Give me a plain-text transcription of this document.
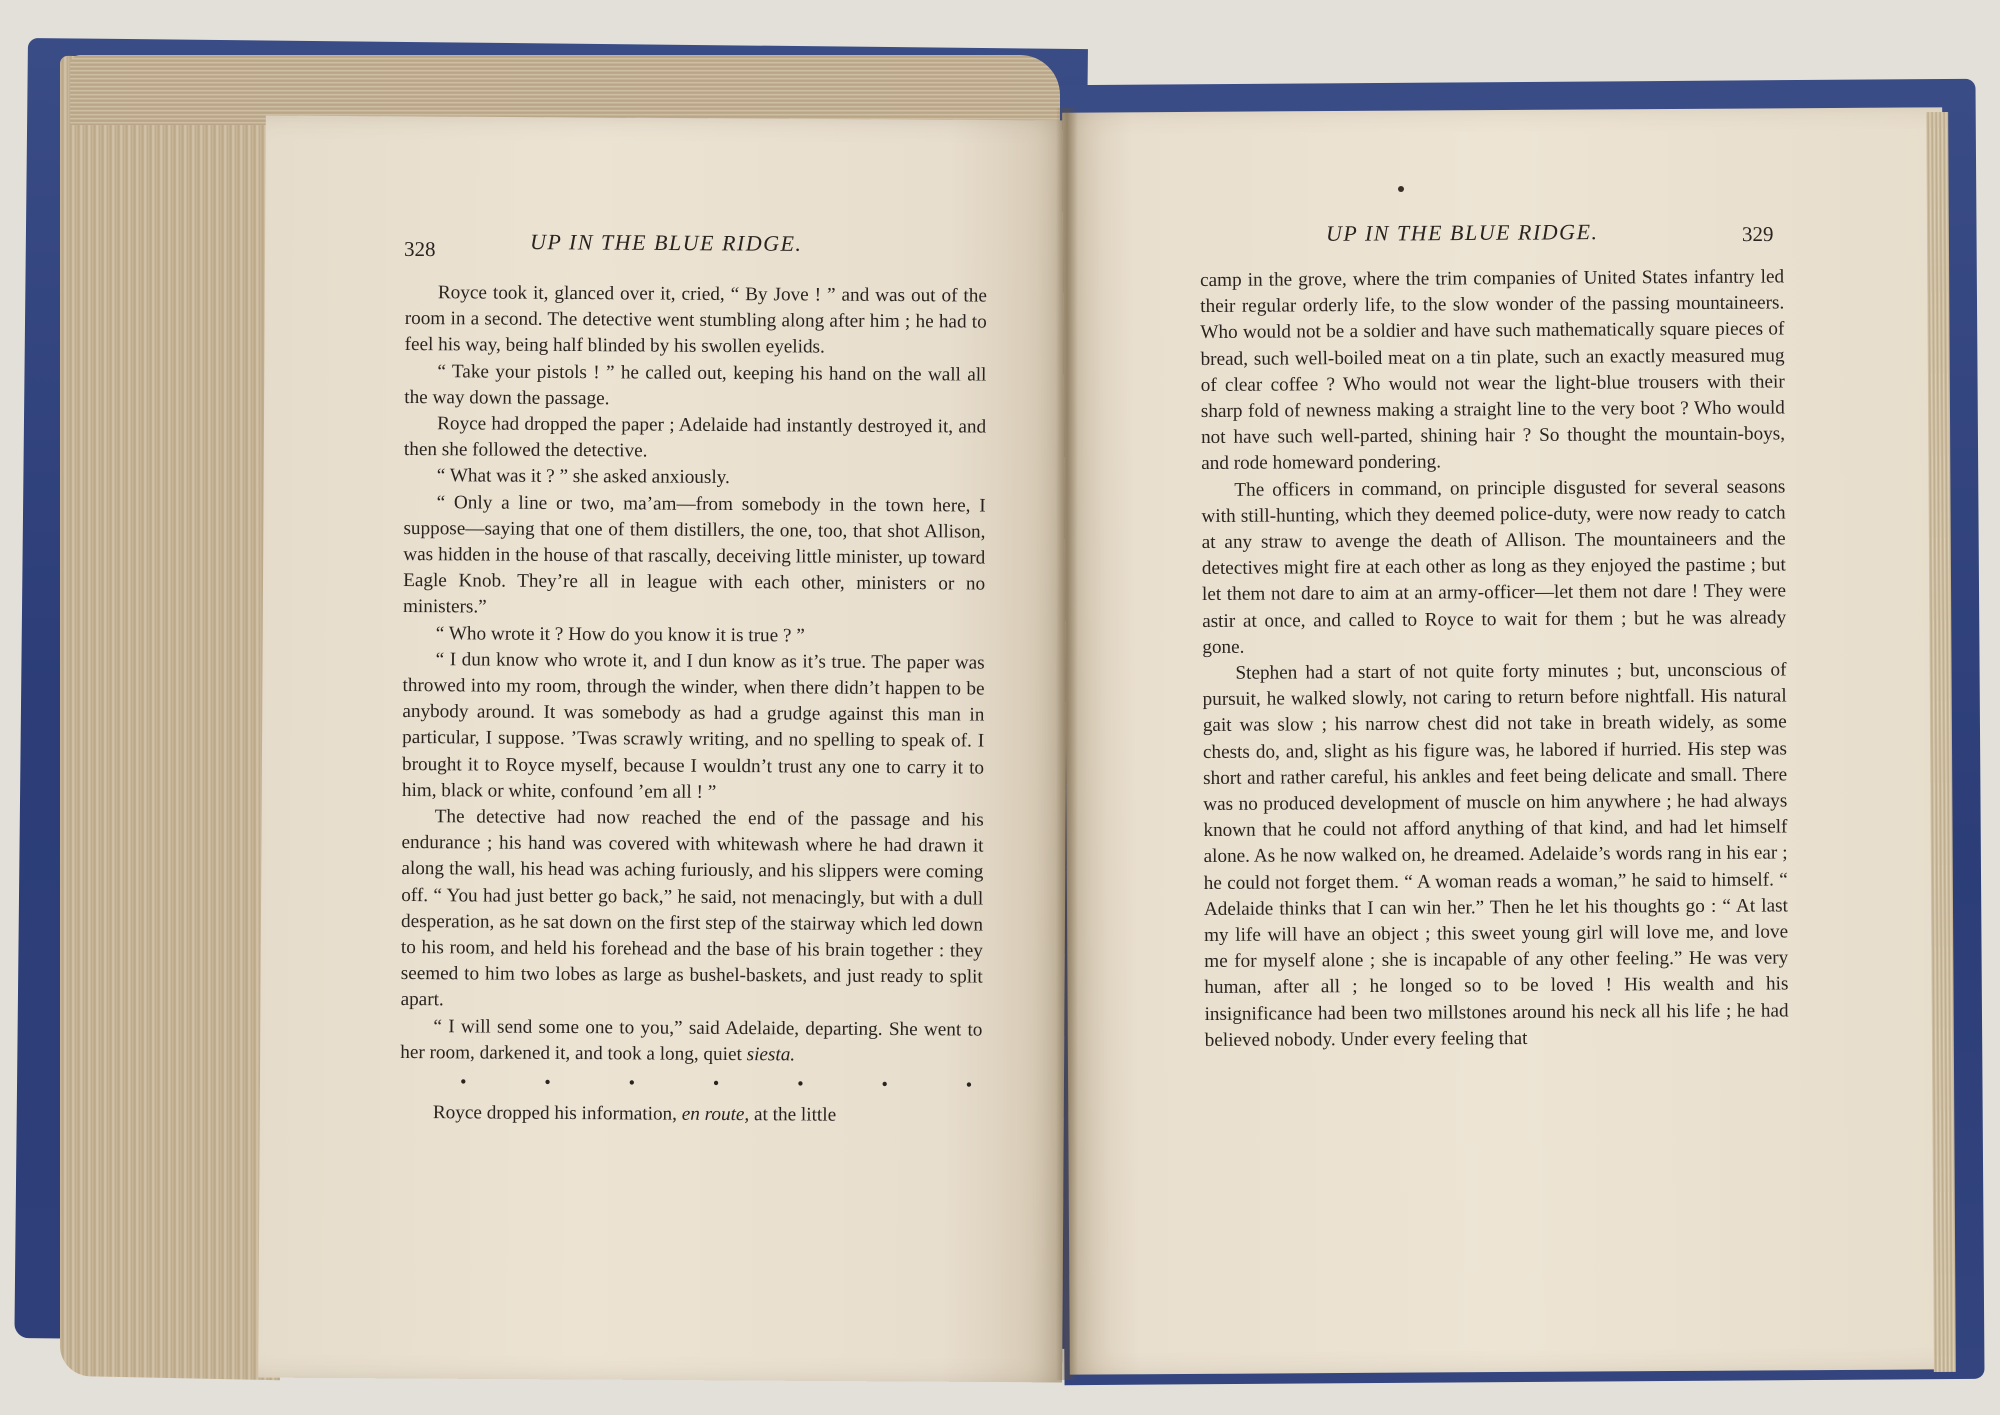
328	UP IN THE BLUE RIDGE.

Royce took it, glanced over it, cried, “ By Jove ! ” and was out of the room in a second. The detective went stumbling along after him ; he had to feel his way, being half blinded by his swollen eyelids.

“ Take your pistols ! ” he called out, keeping his hand on the wall all the way down the passage.

Royce had dropped the paper ; Adelaide had instantly destroyed it, and then she followed the detective.

“ What was it ? ” she asked anxiously.

“ Only a line or two, ma’am—from somebody in the town here, I suppose—saying that one of them distillers, the one, too, that shot Allison, was hidden in the house of that rascally, deceiving little minister, up toward Eagle Knob. They’re all in league with each other, ministers or no ministers.”

“ Who wrote it ? How do you know it is true ? ”

“ I dun know who wrote it, and I dun know as it’s true. The paper was throwed into my room, through the winder, when there didn’t happen to be anybody around. It was somebody as had a grudge against this man in particular, I suppose. ’Twas scrawly writing, and no spelling to speak of. I brought it to Royce myself, because I wouldn’t trust any one to carry it to him, black or white, confound ’em all ! ”

The detective had now reached the end of the passage and his endurance ; his hand was covered with whitewash where he had drawn it along the wall, his head was aching furiously, and his slippers were coming off. “ You had just better go back,” he said, not menacingly, but with a dull desperation, as he sat down on the first step of the stairway which led down to his room, and held his forehead and the base of his brain together : they seemed to him two lobes as large as bushel-baskets, and just ready to split apart.

“ I will send some one to you,” said Adelaide, departing. She went to her room, darkened it, and took a long, quiet siesta.

•	•	•	•	•	•	•

Royce dropped his information, en route, at the little

UP IN THE BLUE RIDGE.	329

camp in the grove, where the trim companies of United States infantry led their regular orderly life, to the slow wonder of the passing mountaineers. Who would not be a soldier and have such mathematically square pieces of bread, such well-boiled meat on a tin plate, such an exactly measured mug of clear coffee ? Who would not wear the light-blue trousers with their sharp fold of newness making a straight line to the very boot ? Who would not have such well-parted, shining hair ? So thought the mountain-boys, and rode homeward pondering.

The officers in command, on principle disgusted for several seasons with still-hunting, which they deemed police-duty, were now ready to catch at any straw to avenge the death of Allison. The mountaineers and the detectives might fire at each other as long as they enjoyed the pastime ; but let them not dare to aim at an army-officer—let them not dare ! They were astir at once, and called to Royce to wait for them ; but he was already gone.

Stephen had a start of not quite forty minutes ; but, unconscious of pursuit, he walked slowly, not caring to return before nightfall. His natural gait was slow ; his narrow chest did not take in breath widely, as some chests do, and, slight as his figure was, he labored if hurried. His step was short and rather careful, his ankles and feet being delicate and small. There was no produced development of muscle on him anywhere ; he had always known that he could not afford anything of that kind, and had let himself alone. As he now walked on, he dreamed. Adelaide’s words rang in his ear ; he could not forget them. “ A woman reads a woman,” he said to himself. “ Adelaide thinks that I can win her.” Then he let his thoughts go : “ At last my life will have an object ; this sweet young girl will love me, and love me for myself alone ; she is incapable of any other feeling.” He was very human, after all ; he longed so to be loved ! His wealth and his insignificance had been two millstones around his neck all his life ; he had believed nobody. Under every feeling that
